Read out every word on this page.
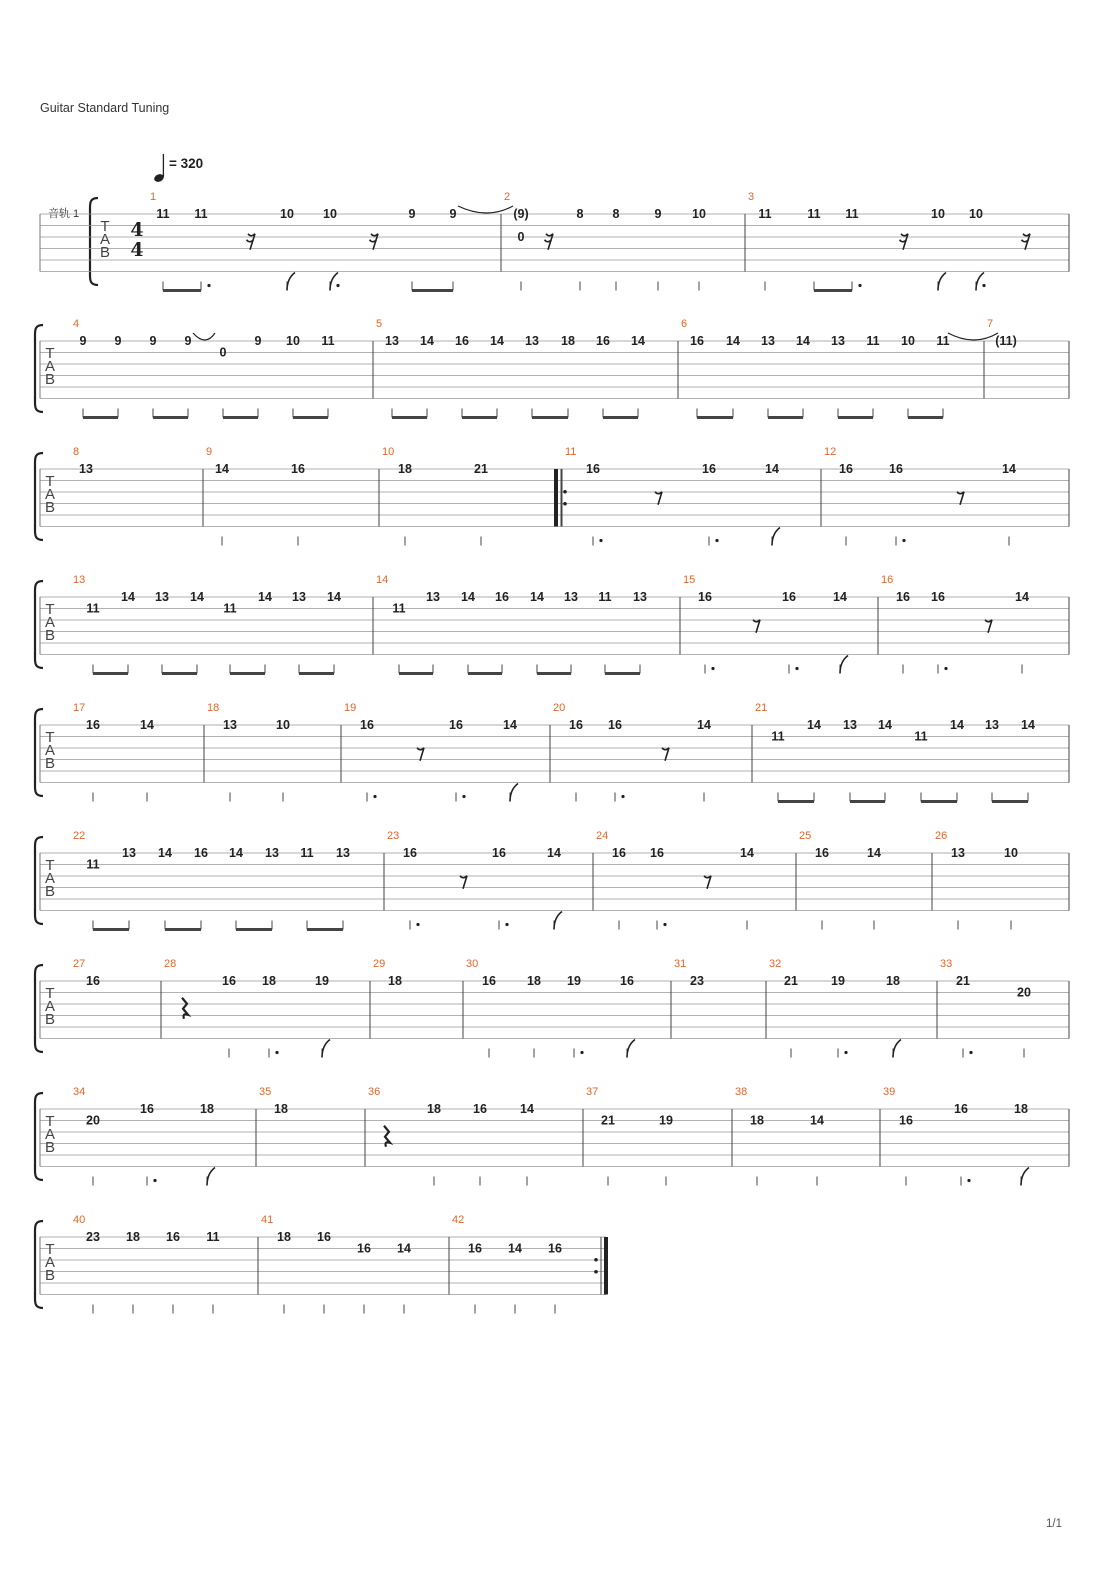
Guitar Standard Tuning
= 320
音轨 1
T
A
B
4
4
1
11 11	10 10	9	9
2
(9)
0
8 8	9 10
3
11	11 11	10 10
T
A
B
4
9 9 9 9
0
9 10 11
5
13 14 16 14 13 18 16 14
6
16 14 13 14 13 11 10 11
7
(11)
T
A
B
8
13
9
14	16
10
18	21
11
16	16	14
12
16	16	14
T
A
B
13
11
14 13 14
11
14 13 14
14
11
13 14 16 14 13 11 13
15
16	16	14
16
16 16	14
T
A
B
17
16	14
18
13	10
19
16	16	14
20
16 16	14
21
11
14 13 14
11
14 13 14
T
A
B
22
11
13 14 16 14 13 11 13
23
16	16	14
24
16 16	14
25
16	14
26
13	10
T
A
B
27
16
28
16 18	19
29
18
30
16 18 19	16
31
23
32
21	19	18
33
21
20
T
A
B
34
20
16	18
35
18
36
18	16	14
37
21	19
38
18	14
39
16
16	18
T
A
B
40
23 18 16 11
41
18 16
16 14
42
16 14 16
1/1
